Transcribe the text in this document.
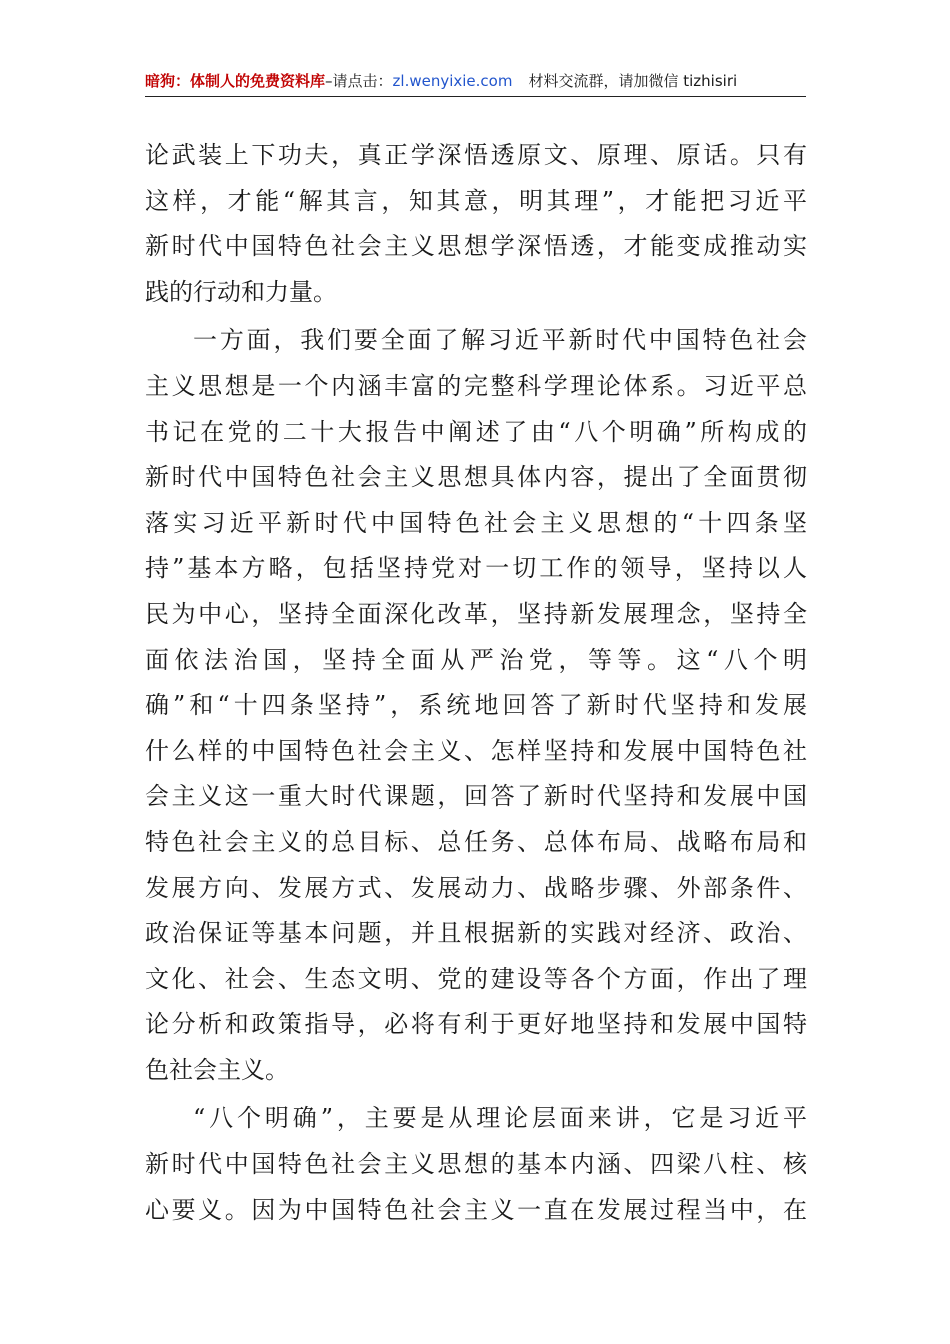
暗狗：体制人的免费资料库–请点击：zl.wenyixie.com 材料交流群，请加微信 tizhisiri
论武装上下功夫，真正学深悟透原文、原理、原话。只有
这样，才能“解其言，知其意，明其理”，才能把习近平
新时代中国特色社会主义思想学深悟透，才能变成推动实
践的行动和力量。
一方面，我们要全面了解习近平新时代中国特色社会
主义思想是一个内涵丰富的完整科学理论体系。习近平总
书记在党的二十大报告中阐述了由“八个明确”所构成的
新时代中国特色社会主义思想具体内容，提出了全面贯彻
落实习近平新时代中国特色社会主义思想的“十四条坚
持”基本方略，包括坚持党对一切工作的领导，坚持以人
民为中心，坚持全面深化改革，坚持新发展理念，坚持全
面依法治国，坚持全面从严治党，等等。这“八个明
确”和“十四条坚持”，系统地回答了新时代坚持和发展
什么样的中国特色社会主义、怎样坚持和发展中国特色社
会主义这一重大时代课题，回答了新时代坚持和发展中国
特色社会主义的总目标、总任务、总体布局、战略布局和
发展方向、发展方式、发展动力、战略步骤、外部条件、
政治保证等基本问题，并且根据新的实践对经济、政治、
文化、社会、生态文明、党的建设等各个方面，作出了理
论分析和政策指导，必将有利于更好地坚持和发展中国特
色社会主义。
“八个明确”，主要是从理论层面来讲，它是习近平
新时代中国特色社会主义思想的基本内涵、四梁八柱、核
心要义。因为中国特色社会主义一直在发展过程当中，在
